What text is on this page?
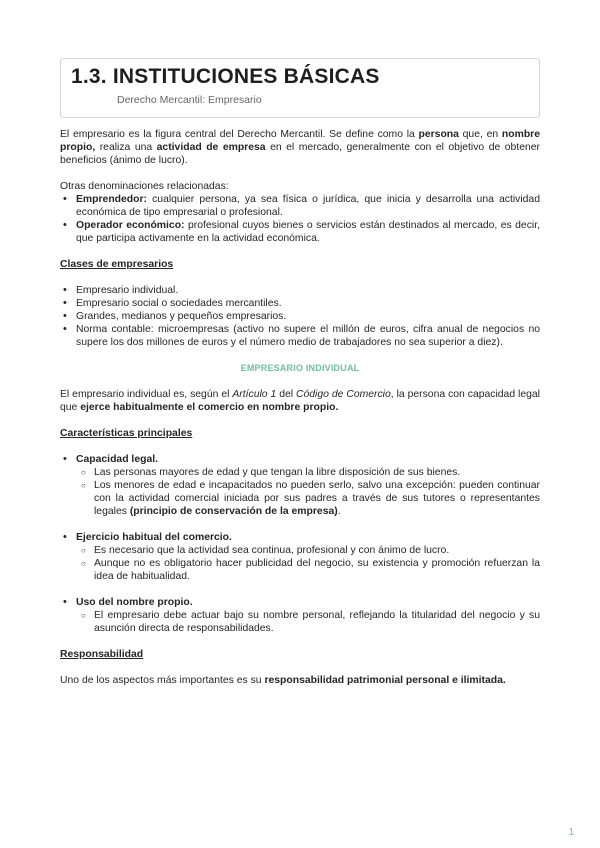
1.3. INSTITUCIONES BÁSICAS
Derecho Mercantil: Empresario

El empresario es la figura central del Derecho Mercantil. Se define como la persona que, en nombre propio, realiza una actividad de empresa en el mercado, generalmente con el objetivo de obtener beneficios (ánimo de lucro).

Otras denominaciones relacionadas:

• Emprendedor: cualquier persona, ya sea física o jurídica, que inicia y desarrolla una actividad económica de tipo empresarial o profesional.
• Operador económico: profesional cuyos bienes o servicios están destinados al mercado, es decir, que participa activamente en la actividad económica.

Clases de empresarios

• Empresario individual.
• Empresario social o sociedades mercantiles.
• Grandes, medianos y pequeños empresarios.
• Norma contable: microempresas (activo no supere el millón de euros, cifra anual de negocios no supere los dos millones de euros y el número medio de trabajadores no sea superior a diez).

EMPRESARIO INDIVIDUAL

El empresario individual es, según el Artículo 1 del Código de Comercio, la persona con capacidad legal que ejerce habitualmente el comercio en nombre propio.

Características principales

• Capacidad legal.
○ Las personas mayores de edad y que tengan la libre disposición de sus bienes.
○ Los menores de edad e incapacitados no pueden serlo, salvo una excepción: pueden continuar con la actividad comercial iniciada por sus padres a través de sus tutores o representantes legales (principio de conservación de la empresa).
• Ejercicio habitual del comercio.
○ Es necesario que la actividad sea continua, profesional y con ánimo de lucro.
○ Aunque no es obligatorio hacer publicidad del negocio, su existencia y promoción refuerzan la idea de habitualidad.
• Uso del nombre propio.
○ El empresario debe actuar bajo su nombre personal, reflejando la titularidad del negocio y su asunción directa de responsabilidades.

Responsabilidad

Uno de los aspectos más importantes es su responsabilidad patrimonial personal e ilimitada.

1
